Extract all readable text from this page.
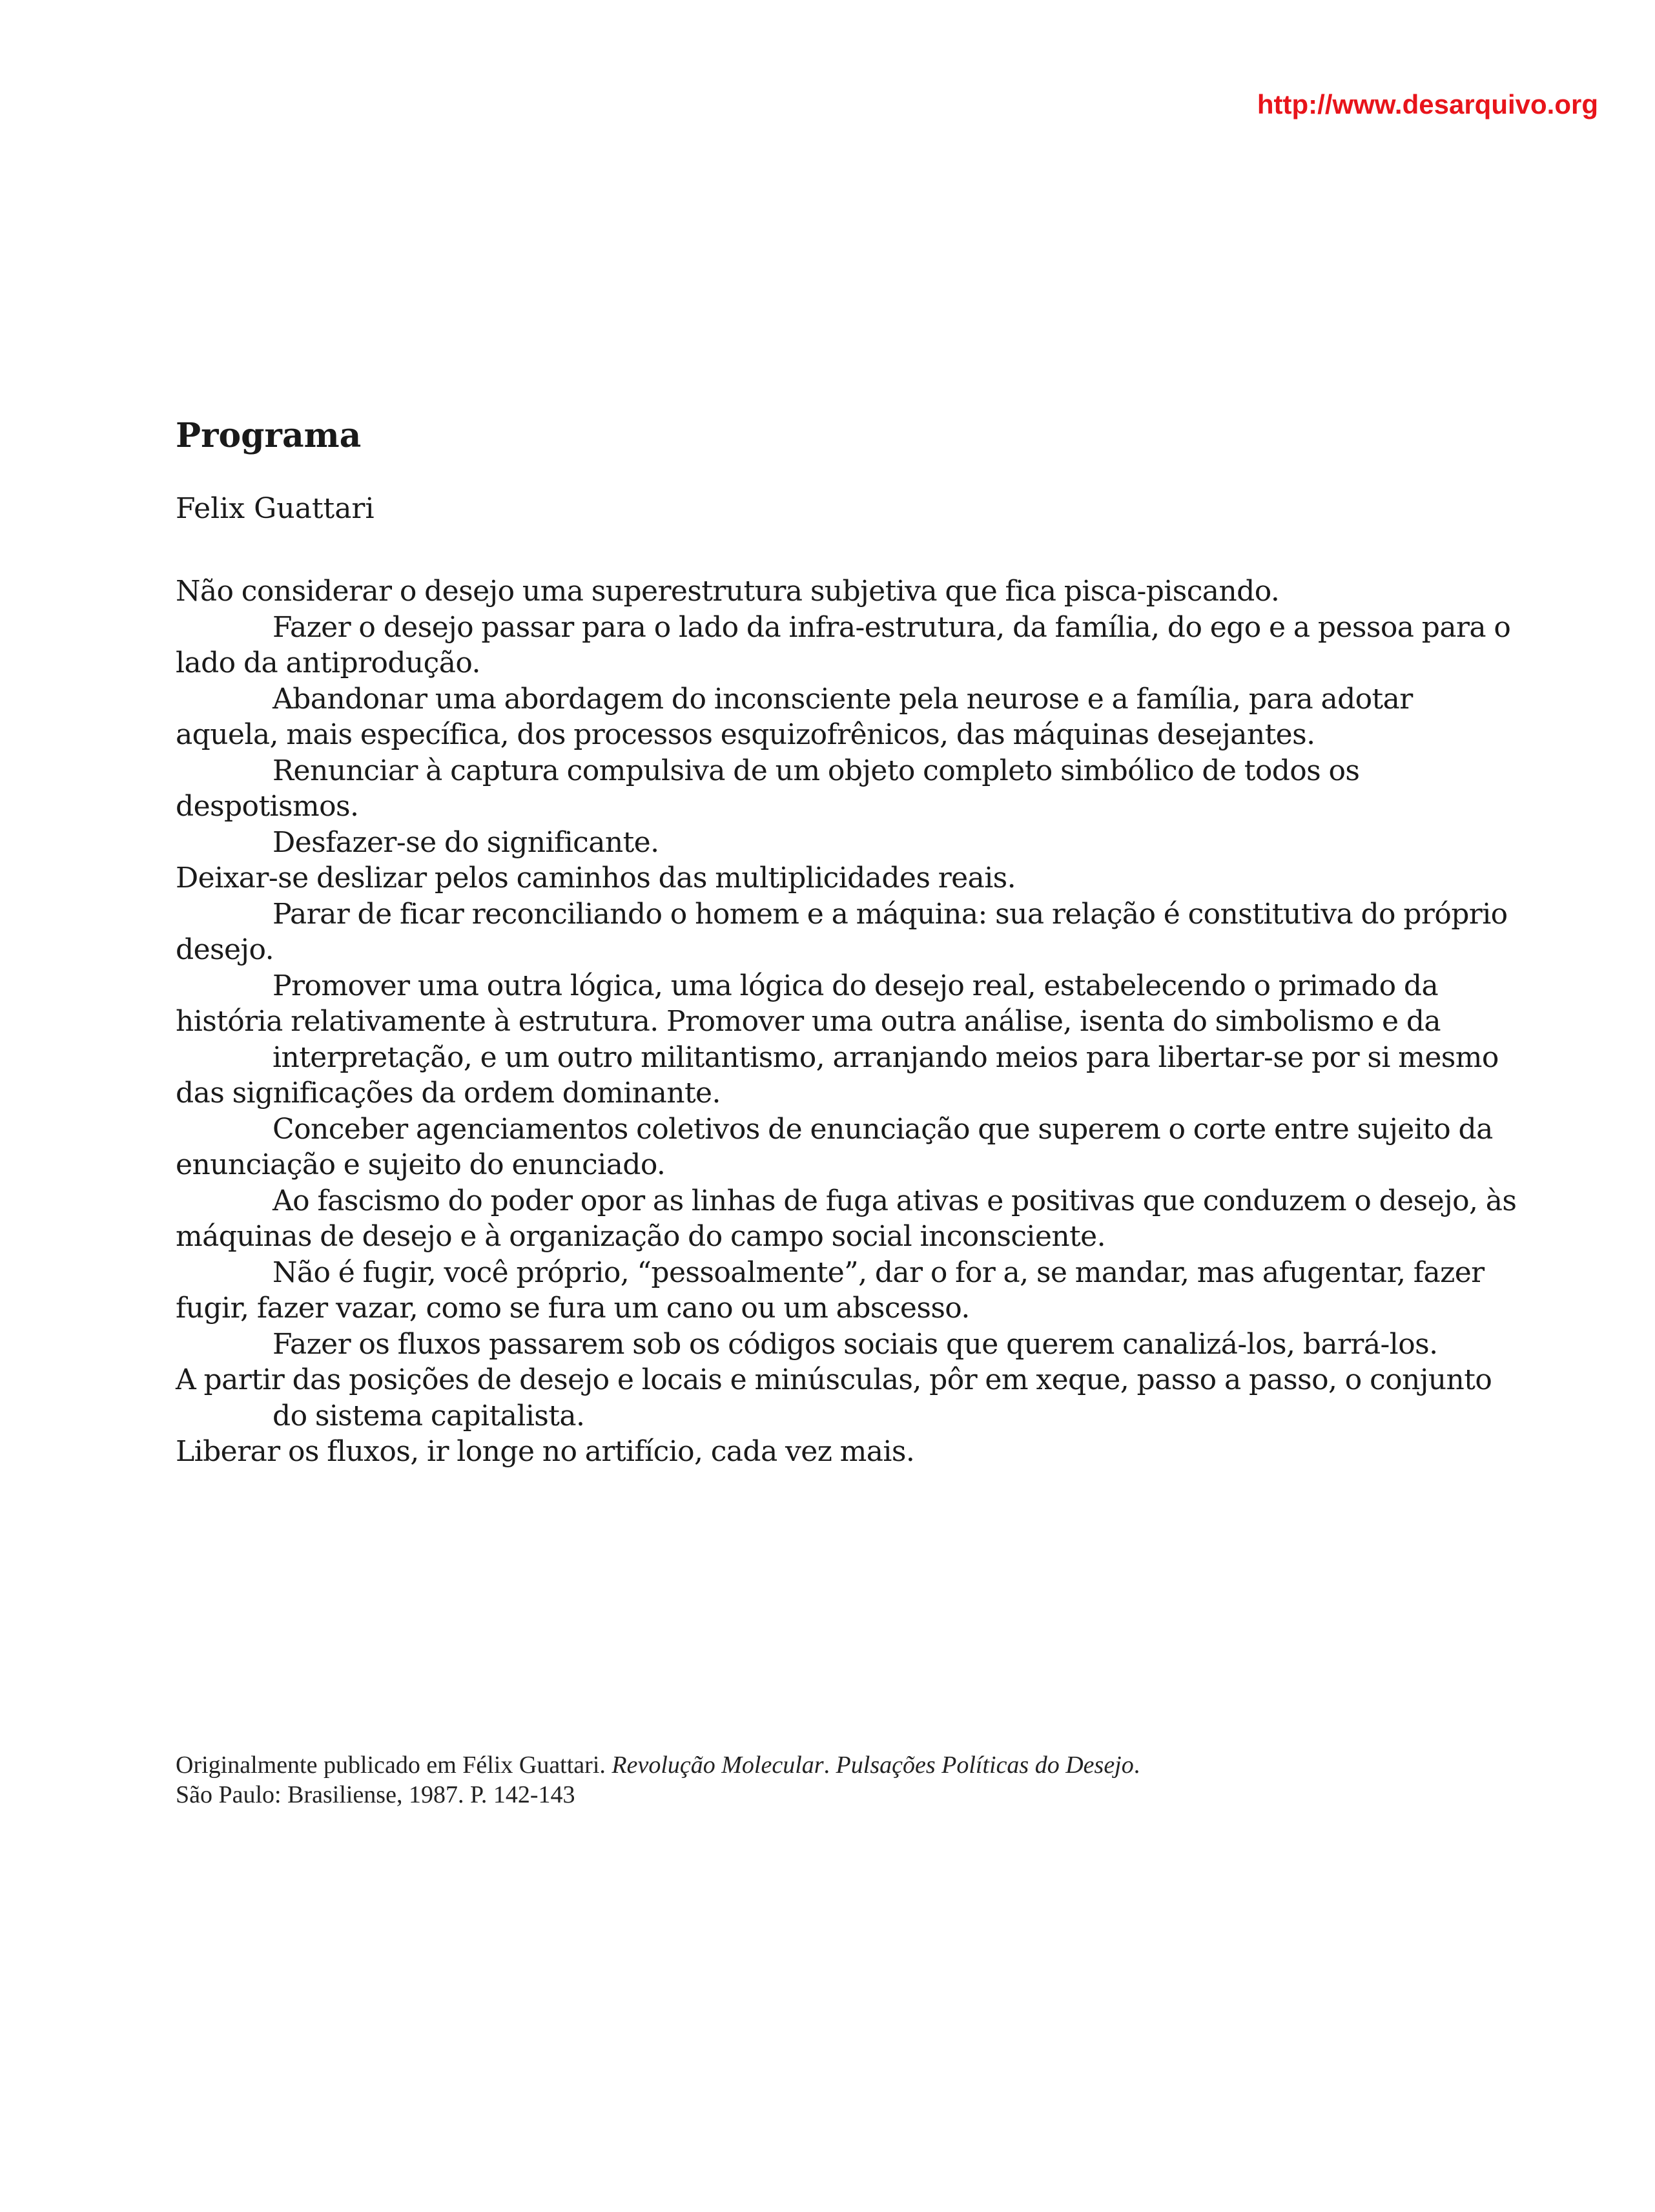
http://www.desarquivo.org
Programa

Felix Guattari

Não considerar o desejo uma superestrutura subjetiva que fica pisca-piscando.

Fazer o desejo passar para o lado da infra-estrutura, da família, do ego e a pessoa para o lado da antiprodução.

Abandonar uma abordagem do inconsciente pela neurose e a família, para adotar aquela, mais específica, dos processos esquizofrênicos, das máquinas desejantes.

Renunciar à captura compulsiva de um objeto completo simbólico de todos os despotismos.

Desfazer-se do significante.

Deixar-se deslizar pelos caminhos das multiplicidades reais.

Parar de ficar reconciliando o homem e a máquina: sua relação é constitutiva do próprio desejo.

Promover uma outra lógica, uma lógica do desejo real, estabelecendo o primado da história relativamente à estrutura. Promover uma outra análise, isenta do simbolismo e da

interpretação, e um outro militantismo, arranjando meios para libertar-se por si mesmo das significações da ordem dominante.

Conceber agenciamentos coletivos de enunciação que superem o corte entre sujeito da enunciação e sujeito do enunciado.

Ao fascismo do poder opor as linhas de fuga ativas e positivas que conduzem o desejo, às máquinas de desejo e à organização do campo social inconsciente.

Não é fugir, você próprio, “pessoalmente”, dar o for a, se mandar, mas afugentar, fazer fugir, fazer vazar, como se fura um cano ou um abscesso.

Fazer os fluxos passarem sob os códigos sociais que querem canalizá-los, barrá-los.

A partir das posições de desejo e locais e minúsculas, pôr em xeque, passo a passo, o conjunto do sistema capitalista.

Liberar os fluxos, ir longe no artifício, cada vez mais.

Originalmente publicado em Félix Guattari. Revolução Molecular. Pulsações Políticas do Desejo.
São Paulo: Brasiliense, 1987. P. 142-143
